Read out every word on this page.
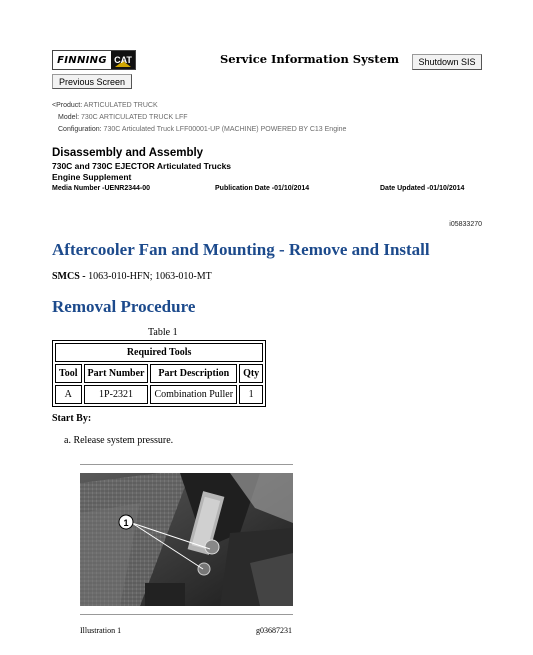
FINNING CAT	Service Information System	Shutdown SIS
Previous Screen
<Product: ARTICULATED TRUCK
Model: 730C ARTICULATED TRUCK LFF
Configuration: 730C Articulated Truck LFF00001-UP (MACHINE) POWERED BY C13 Engine
Disassembly and Assembly
730C and 730C EJECTOR Articulated Trucks
Engine Supplement
Media Number -UENR2344-00	Publication Date -01/10/2014	Date Updated -01/10/2014
i05833270
Aftercooler Fan and Mounting - Remove and Install
SMCS - 1063-010-HFN; 1063-010-MT
Removal Procedure
Table 1
Required Tools			
Tool	Part Number	Part Description	Qty
A	1P-2321	Combination Puller	1
Start By:
a. Release system pressure.
1
Illustration 1	g03687231
